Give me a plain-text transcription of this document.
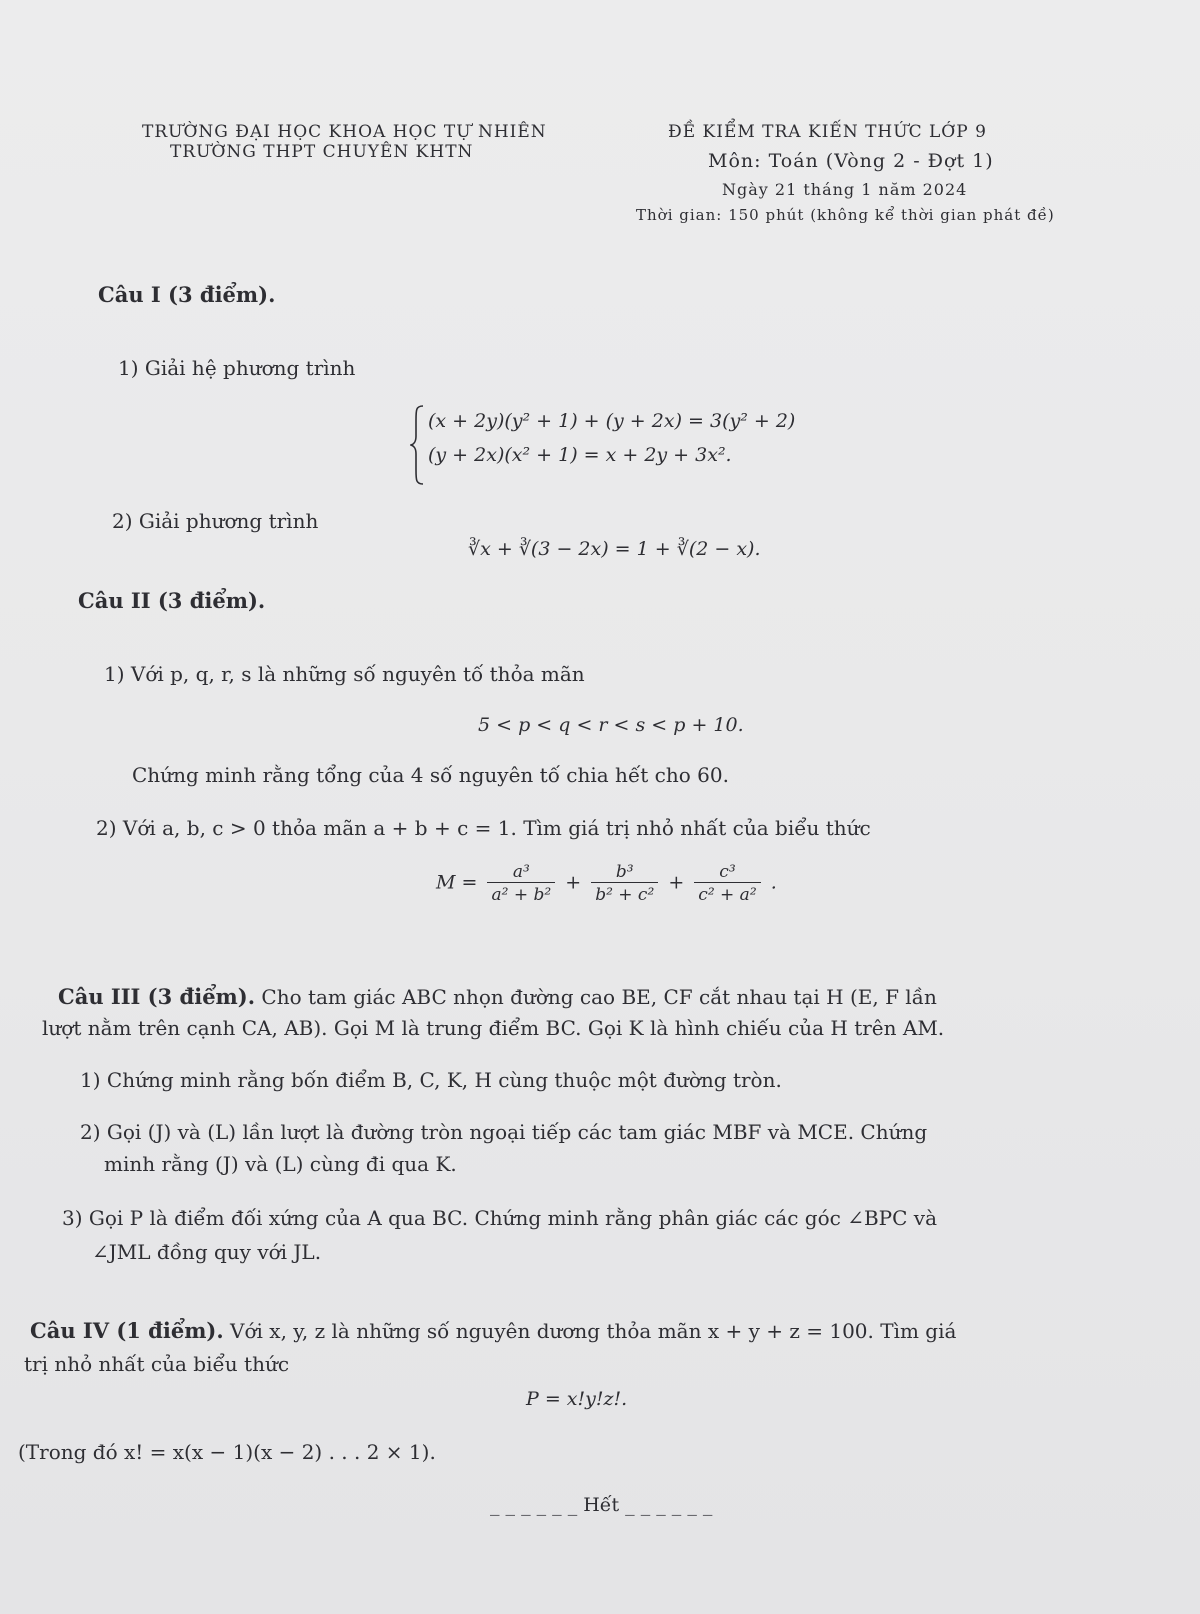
TRƯỜNG ĐẠI HỌC KHOA HỌC TỰ NHIÊN
TRƯỜNG THPT CHUYÊN KHTN
ĐỀ KIỂM TRA KIẾN THỨC LỚP 9
Môn: Toán (Vòng 2 - Đợt 1)
Ngày 21 tháng 1 năm 2024
Thời gian: 150 phút (không kể thời gian phát đề)
Câu I (3 điểm).
1) Giải hệ phương trình
(x + 2y)(y² + 1) + (y + 2x) = 3(y² + 2)
(y + 2x)(x² + 1) = x + 2y + 3x².
2) Giải phương trình
∛x + ∛(3 − 2x) = 1 + ∛(2 − x).
Câu II (3 điểm).
1) Với p, q, r, s là những số nguyên tố thỏa mãn
5 < p < q < r < s < p + 10.
Chứng minh rằng tổng của 4 số nguyên tố chia hết cho 60.
2) Với a, b, c > 0 thỏa mãn a + b + c = 1. Tìm giá trị nhỏ nhất của biểu thức
$M = \frac{\text{a³}}{\text{a² + b²}} + \frac{\text{b³}}{\text{b² + c²}} + \frac{\text{c³}}{\text{c² + a²}}$ .
Câu III (3 điểm). Cho tam giác ABC nhọn đường cao BE, CF cắt nhau tại H (E, F lần
lượt nằm trên cạnh CA, AB). Gọi M là trung điểm BC. Gọi K là hình chiếu của H trên AM.
1) Chứng minh rằng bốn điểm B, C, K, H cùng thuộc một đường tròn.
2) Gọi (J) và (L) lần lượt là đường tròn ngoại tiếp các tam giác MBF và MCE. Chứng
minh rằng (J) và (L) cùng đi qua K.
3) Gọi P là điểm đối xứng của A qua BC. Chứng minh rằng phân giác các góc ∠BPC và
∠JML đồng quy với JL.
Câu IV (1 điểm). Với x, y, z là những số nguyên dương thỏa mãn x + y + z = 100. Tìm giá
trị nhỏ nhất của biểu thức
P = x!y!z!.
(Trong đó x! = x(x − 1)(x − 2) . . . 2 × 1).
_ _ _ _ _ _ Hết _ _ _ _ _ _
